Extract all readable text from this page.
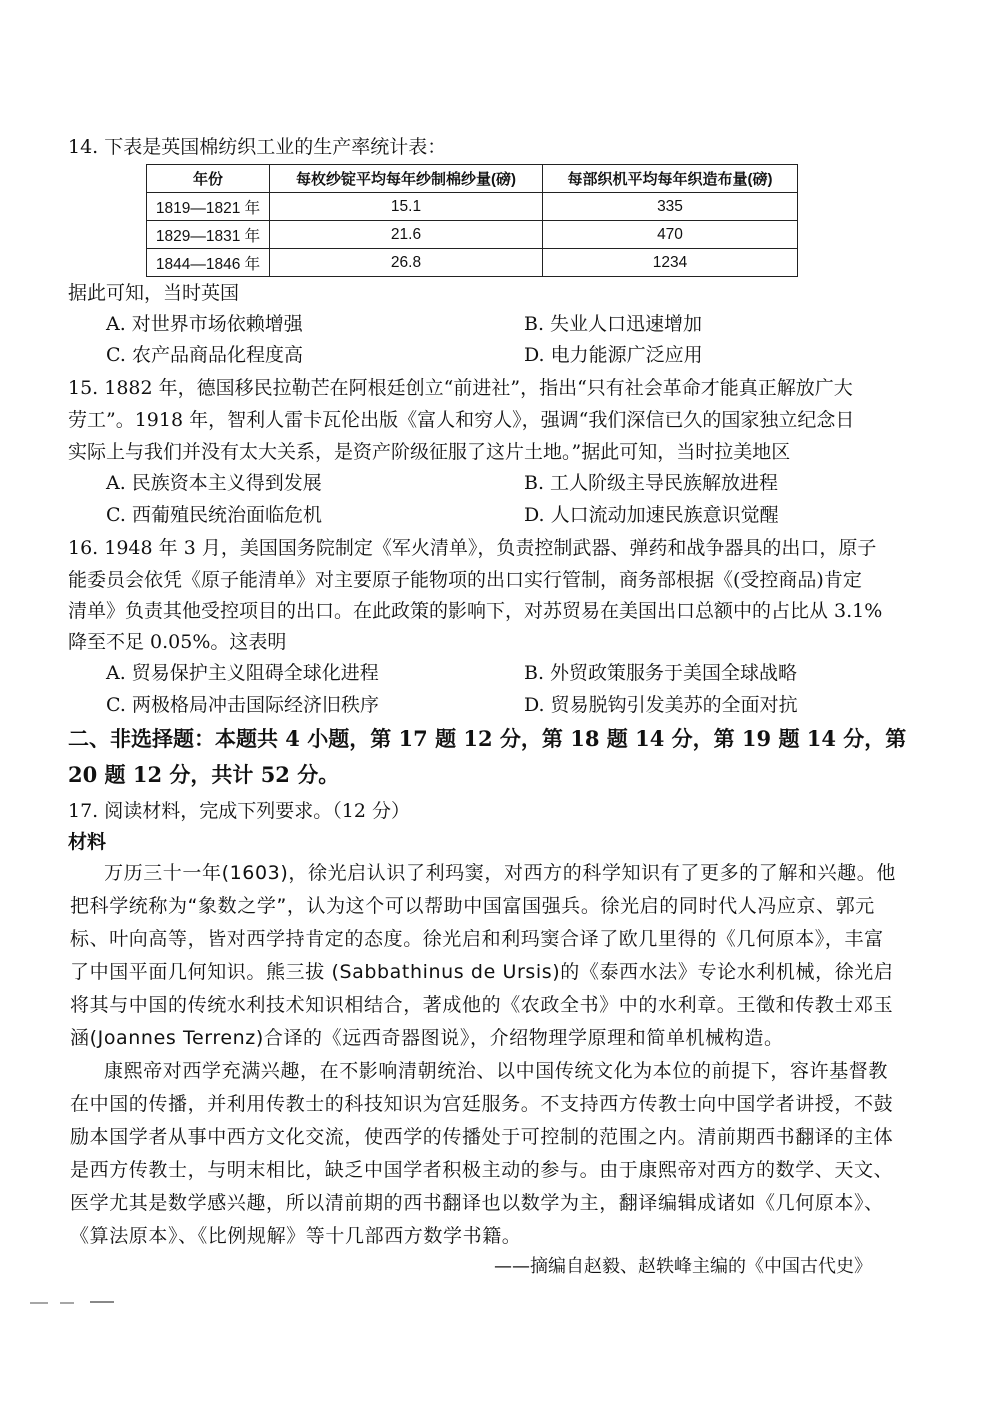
14. 下表是英国棉纺织工业的生产率统计表：
年份	每枚纱锭平均每年纱制棉纱量(磅)	每部织机平均每年织造布量(磅)
1819—1821 年	15.1	335
1829—1831 年	21.6	470
1844—1846 年	26.8	1234
据此可知，当时英国
A. 对世界市场依赖增强	B. 失业人口迅速增加
C. 农产品商品化程度高	D. 电力能源广泛应用
15. 1882 年，德国移民拉勒芒在阿根廷创立“前进社”，指出“只有社会革命才能真正解放广大
劳工”。1918 年，智利人雷卡瓦伦出版《富人和穷人》，强调“我们深信已久的国家独立纪念日
实际上与我们并没有太大关系，是资产阶级征服了这片土地。”据此可知，当时拉美地区
A. 民族资本主义得到发展	B. 工人阶级主导民族解放进程
C. 西葡殖民统治面临危机	D. 人口流动加速民族意识觉醒
16. 1948 年 3 月，美国国务院制定《军火清单》，负责控制武器、弹药和战争器具的出口，原子
能委员会依凭《原子能清单》对主要原子能物项的出口实行管制，商务部根据《(受控商品)肯定
清单》负责其他受控项目的出口。在此政策的影响下，对苏贸易在美国出口总额中的占比从 3.1%
降至不足 0.05%。这表明
A. 贸易保护主义阻碍全球化进程	B. 外贸政策服务于美国全球战略
C. 两极格局冲击国际经济旧秩序	D. 贸易脱钩引发美苏的全面对抗
二、非选择题：本题共 4 小题，第 17 题 12 分，第 18 题 14 分，第 19 题 14 分，第
20 题 12 分，共计 52 分。
17. 阅读材料，完成下列要求。（12 分）
材料
万历三十一年(1603)，徐光启认识了利玛窦，对西方的科学知识有了更多的了解和兴趣。他
把科学统称为“象数之学”，认为这个可以帮助中国富国强兵。徐光启的同时代人冯应京、郭元
标、叶向高等，皆对西学持肯定的态度。徐光启和利玛窦合译了欧几里得的《几何原本》，丰富
了中国平面几何知识。熊三拔 (Sabbathinus de Ursis)的《泰西水法》专论水利机械，徐光启
将其与中国的传统水利技术知识相结合，著成他的《农政全书》中的水利章。王徵和传教士邓玉
涵(Joannes Terrenz)合译的《远西奇器图说》，介绍物理学原理和简单机械构造。
康熙帝对西学充满兴趣，在不影响清朝统治、以中国传统文化为本位的前提下，容许基督教
在中国的传播，并利用传教士的科技知识为宫廷服务。不支持西方传教士向中国学者讲授，不鼓
励本国学者从事中西方文化交流，使西学的传播处于可控制的范围之内。清前期西书翻译的主体
是西方传教士，与明末相比，缺乏中国学者积极主动的参与。由于康熙帝对西方的数学、天文、
医学尤其是数学感兴趣，所以清前期的西书翻译也以数学为主，翻译编辑成诸如《几何原本》、
《算法原本》、《比例规解》等十几部西方数学书籍。
——摘编自赵毅、赵轶峰主编的《中国古代史》
